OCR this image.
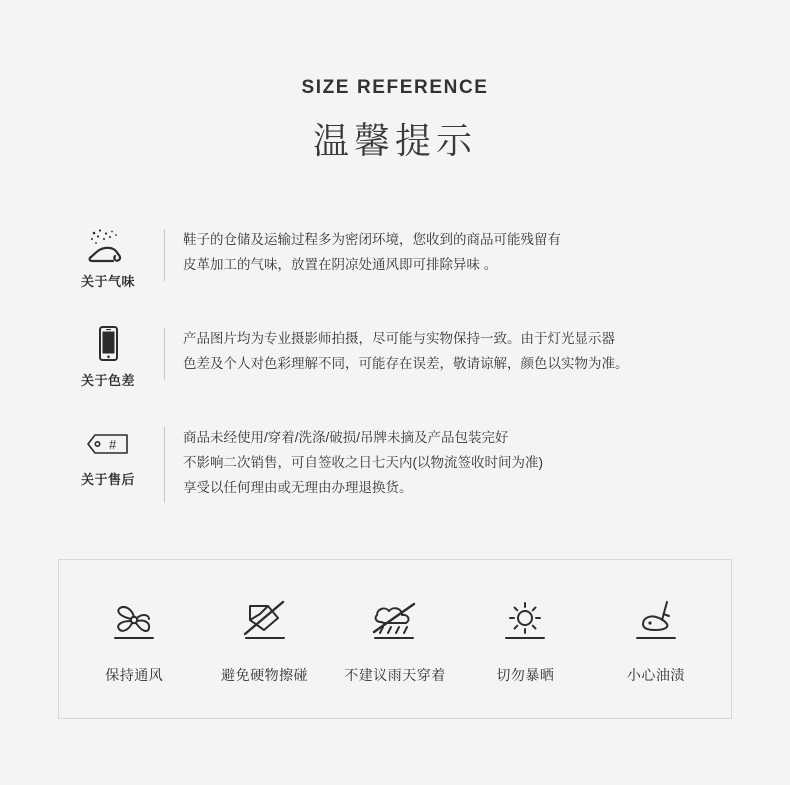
SIZE REFERENCE
温馨提示
关于气味

鞋子的仓储及运输过程多为密闭环境，您收到的商品可能残留有

皮革加工的气味，放置在阴凉处通风即可排除异味 。

关于色差

产品图片均为专业摄影师拍摄，尽可能与实物保持一致。由于灯光显示器

色差及个人对色彩理解不同，可能存在误差，敬请谅解，颜色以实物为准。

#
关于售后

商品未经使用/穿着/洗涤/破损/吊牌未摘及产品包装完好

不影响二次销售，可自签收之日七天内(以物流签收时间为准)

享受以任何理由或无理由办理退换货。

保持通风	避免硬物擦碰	不建议雨天穿着	切勿暴晒	小心油渍
